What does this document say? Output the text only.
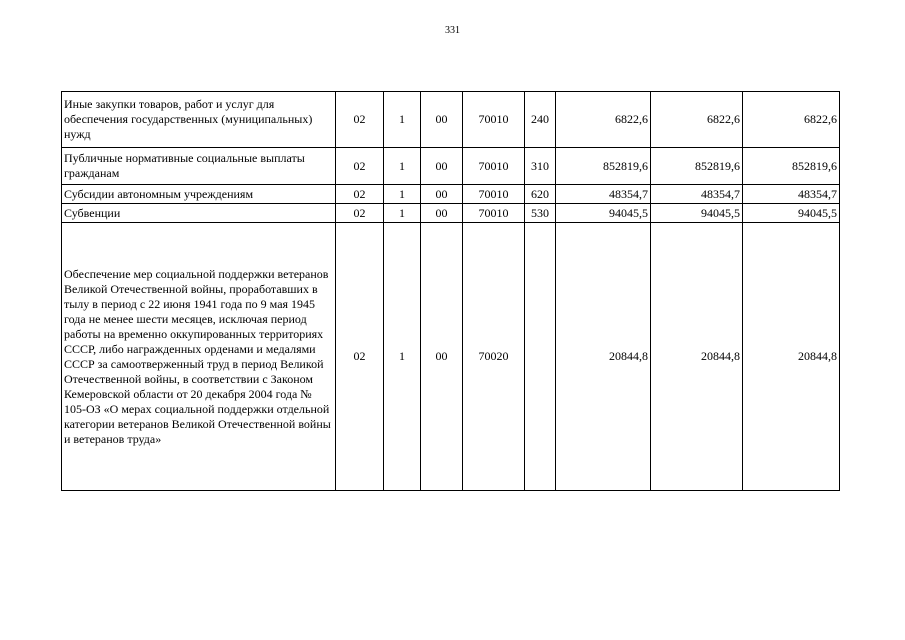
331
Иные закупки товаров, работ и услуг для обеспечения государственных (муниципальных) нужд	02	1	00	70010	240	6822,6	6822,6	6822,6
Публичные нормативные социальные выплаты гражданам	02	1	00	70010	310	852819,6	852819,6	852819,6
Субсидии автономным учреждениям	02	1	00	70010	620	48354,7	48354,7	48354,7
Субвенции	02	1	00	70010	530	94045,5	94045,5	94045,5
Обеспечение мер социальной поддержки ветеранов Великой Отечественной войны, проработавших в тылу в период с 22 июня 1941 года по 9 мая 1945 года не менее шести месяцев, исключая период работы на временно оккупированных территориях СССР, либо награжденных орденами и медалями СССР за самоотверженный труд в период Великой Отечественной войны, в соответствии с Законом Кемеровской области от 20 декабря 2004 года № 105-ОЗ «О мерах социальной поддержки отдельной категории ветеранов Великой Отечественной войны и ветеранов труда»	02	1	00	70020		20844,8	20844,8	20844,8
